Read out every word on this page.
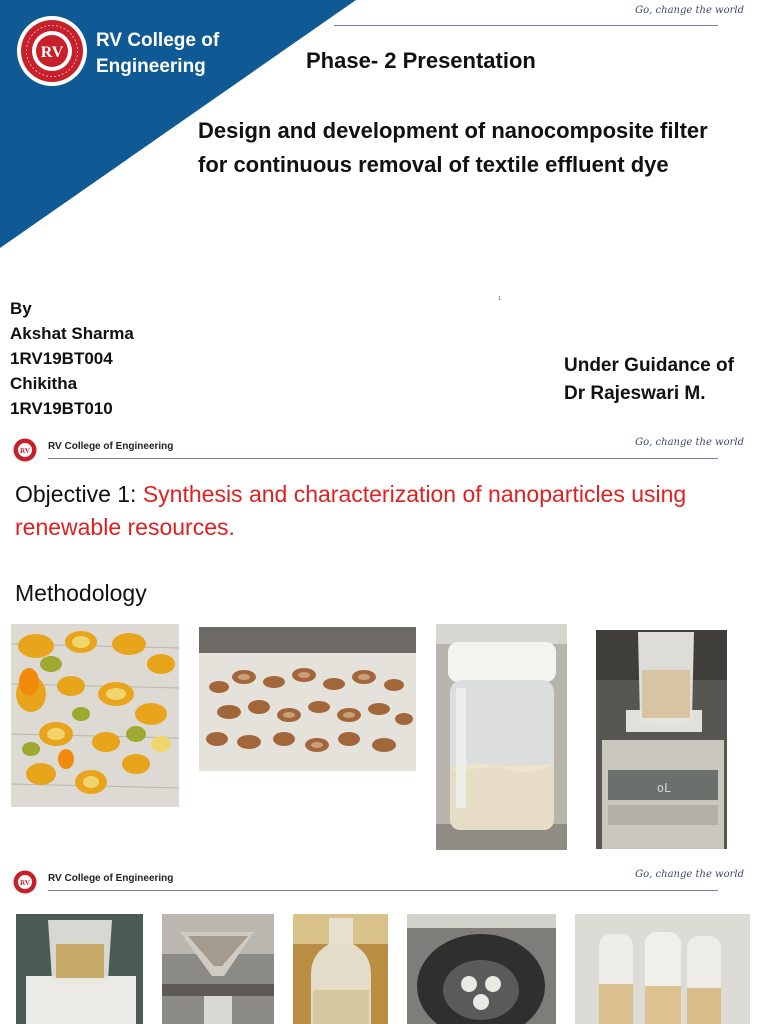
RV
RV College of
Engineering
Go, change the world
Phase- 2 Presentation
Design and development of nanocomposite filter for continuous removal of textile effluent dye
1
By
Akshat Sharma
1RV19BT004
Chikitha
1RV19BT010
Under Guidance of
Dr Rajeswari M.
RV RV College of Engineering	Go, change the world
Objective 1: Synthesis and characterization of nanoparticles using renewable resources.
Methodology
oL
RV RV College of Engineering	Go, change the world
